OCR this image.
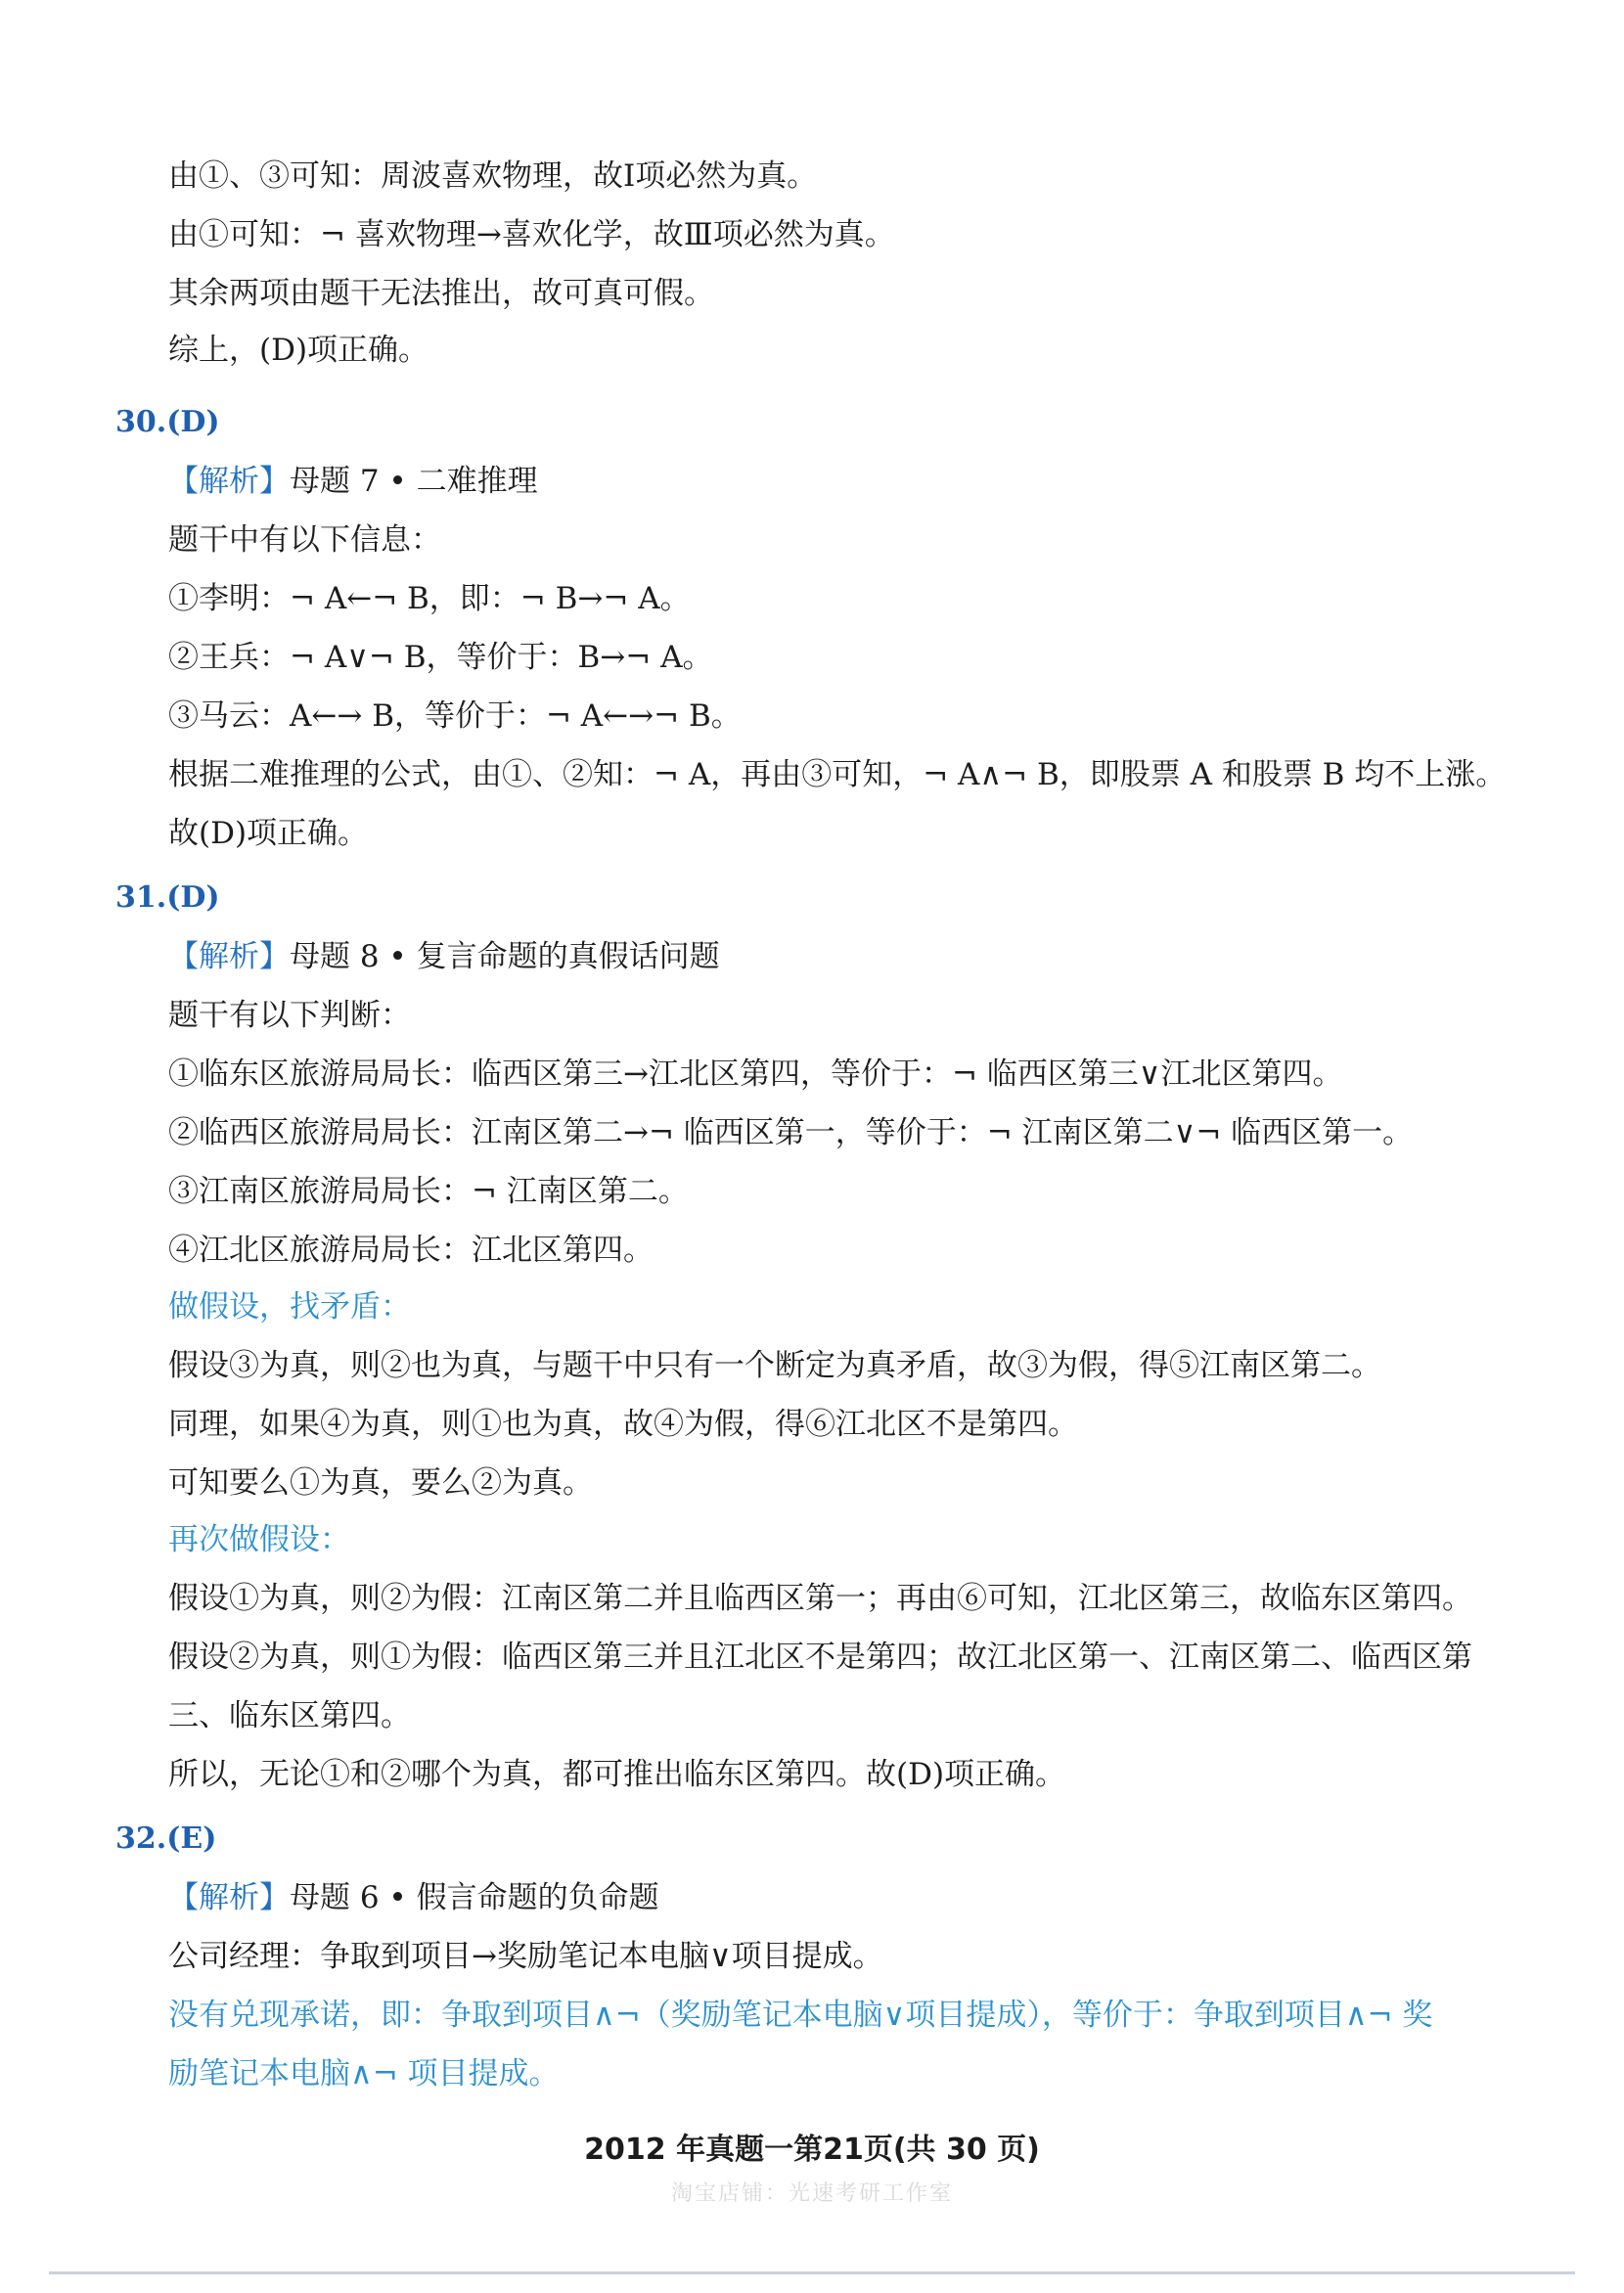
由①、③可知：周波喜欢物理，故Ⅰ项必然为真。
由①可知：¬ 喜欢物理→喜欢化学，故Ⅲ项必然为真。
其余两项由题干无法推出，故可真可假。
综上，(D)项正确。
30.(D)
【解析】母题 7 • 二难推理
题干中有以下信息：
①李明：¬ A←¬ B，即：¬ B→¬ A。
②王兵：¬ A∨¬ B，等价于：B→¬ A。
③马云：A←→ B，等价于：¬ A←→¬ B。
根据二难推理的公式，由①、②知：¬ A，再由③可知，¬ A∧¬ B，即股票 A 和股票 B 均不上涨。
故(D)项正确。
31.(D)
【解析】母题 8 • 复言命题的真假话问题
题干有以下判断：
①临东区旅游局局长：临西区第三→江北区第四，等价于：¬ 临西区第三∨江北区第四。
②临西区旅游局局长：江南区第二→¬ 临西区第一，等价于：¬ 江南区第二∨¬ 临西区第一。
③江南区旅游局局长：¬ 江南区第二。
④江北区旅游局局长：江北区第四。
做假设，找矛盾：
假设③为真，则②也为真，与题干中只有一个断定为真矛盾，故③为假，得⑤江南区第二。
同理，如果④为真，则①也为真，故④为假，得⑥江北区不是第四。
可知要么①为真，要么②为真。
再次做假设：
假设①为真，则②为假：江南区第二并且临西区第一；再由⑥可知，江北区第三，故临东区第四。
假设②为真，则①为假：临西区第三并且江北区不是第四；故江北区第一、江南区第二、临西区第
三、临东区第四。
所以，无论①和②哪个为真，都可推出临东区第四。故(D)项正确。
32.(E)
【解析】母题 6 • 假言命题的负命题
公司经理：争取到项目→奖励笔记本电脑∨项目提成。
没有兑现承诺，即：争取到项目∧¬（奖励笔记本电脑∨项目提成），等价于：争取到项目∧¬ 奖
励笔记本电脑∧¬ 项目提成。
2012 年真题一第21页(共 30 页)
淘宝店铺：光速考研工作室
